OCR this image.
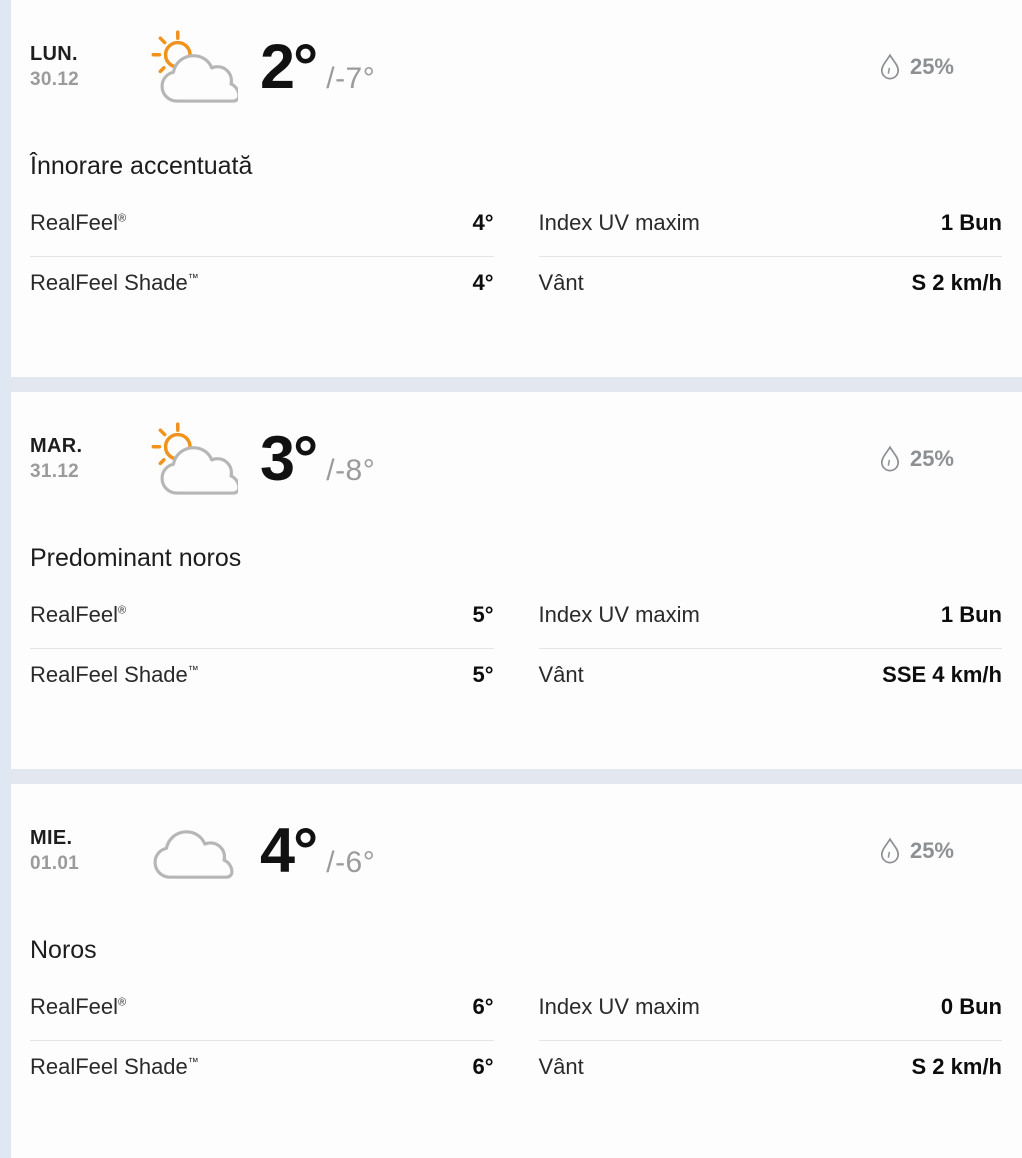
LUN.
30.12	2° /-7°	25%
Înnorare accentuată
RealFeel®	4°
RealFeel Shade™	4°
Index UV maxim	1 Bun
Vânt	S 2 km/h
MAR.
31.12	3° /-8°	25%
Predominant noros
RealFeel®	5°
RealFeel Shade™	5°
Index UV maxim	1 Bun
Vânt	SSE 4 km/h
MIE.
01.01	4° /-6°	25%
Noros
RealFeel®	6°
RealFeel Shade™	6°
Index UV maxim	0 Bun
Vânt	S 2 km/h
